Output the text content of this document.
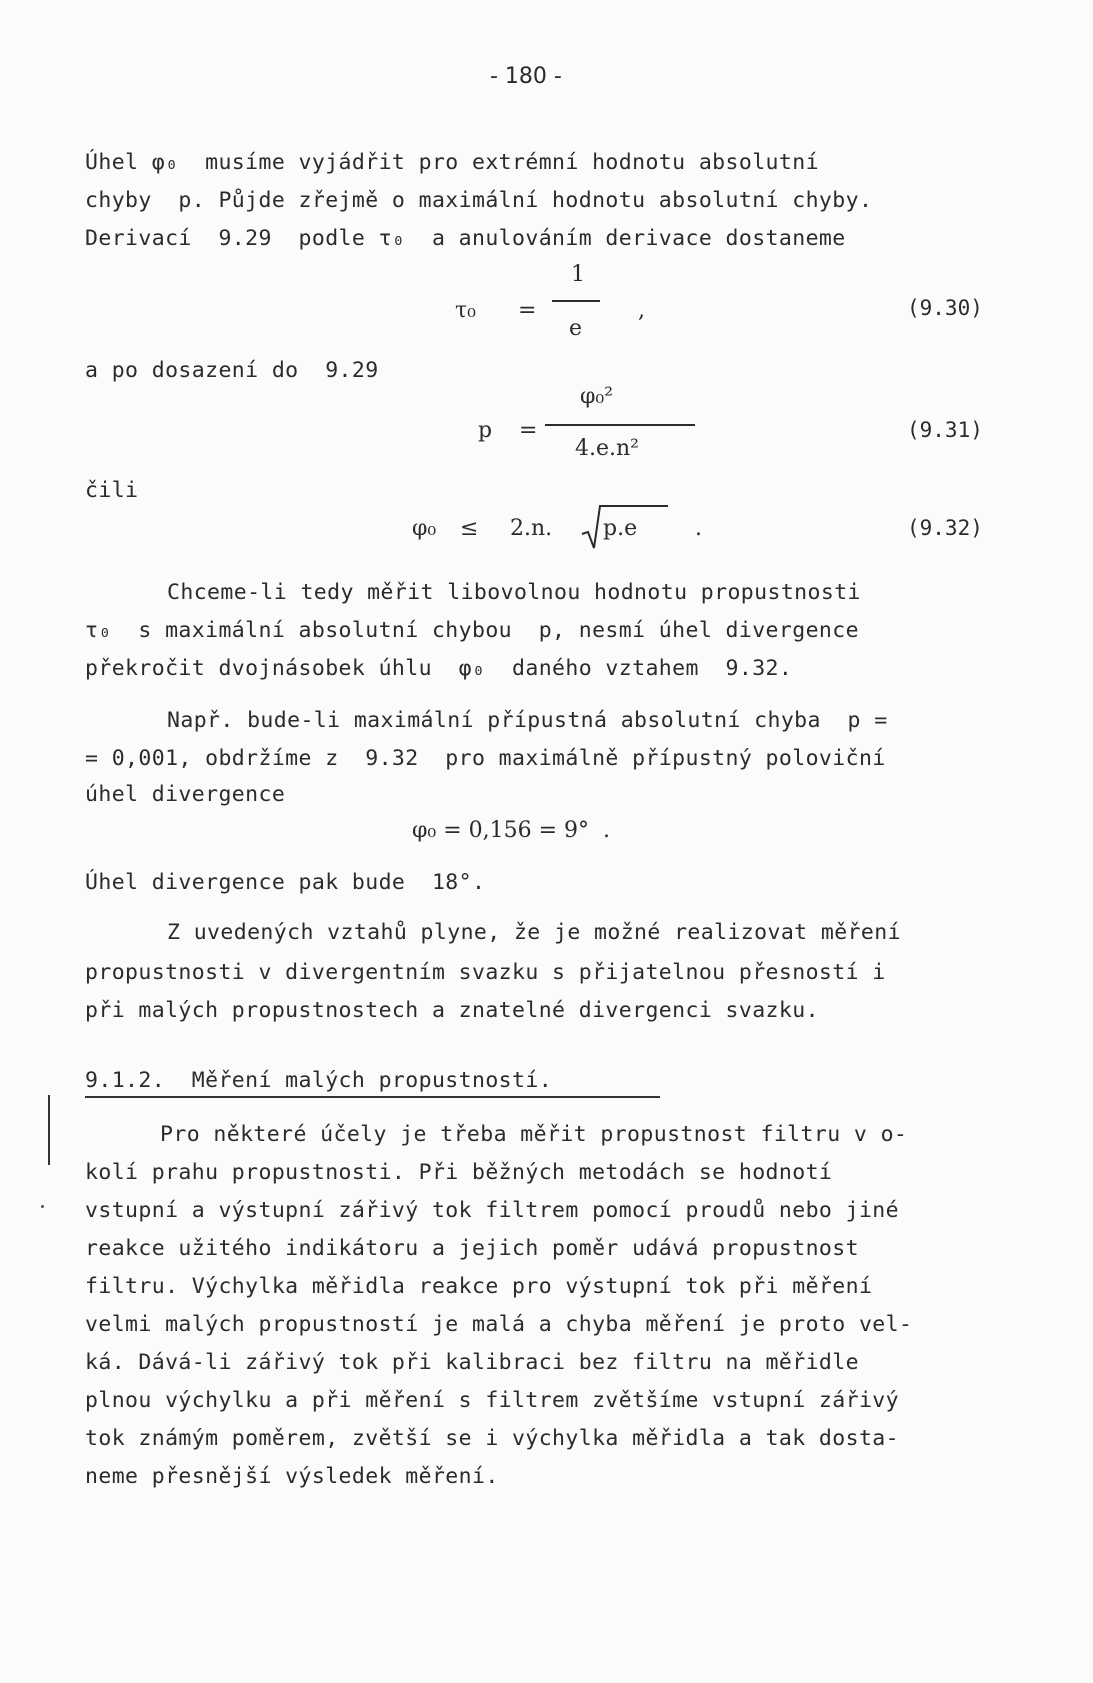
- 180 -
Úhel φ₀  musíme vyjádřit pro extrémní hodnotu absolutní
chyby  p. Půjde zřejmě o maximální hodnotu absolutní chyby.
Derivací  9.29  podle τ₀  a anulováním derivace dostaneme
τ₀ =
1
e
,	(9.30)
a po dosazení do  9.29
p =
φ₀²
4.e.n²
(9.31)
čili
φ₀ ≤ 2.n. p.e	.	(9.32)
Chceme-li tedy měřit libovolnou hodnotu propustnosti
τ₀  s maximální absolutní chybou  p, nesmí úhel divergence
překročit dvojnásobek úhlu  φ₀  daného vztahem  9.32.
Např. bude-li maximální přípustná absolutní chyba  p =
= 0,001, obdržíme z  9.32  pro maximálně přípustný poloviční
úhel divergence
φ₀ = 0,156 = 9°  .
Úhel divergence pak bude  18°.
Z uvedených vztahů plyne, že je možné realizovat měření
propustnosti v divergentním svazku s přijatelnou přesností i
při malých propustnostech a znatelné divergenci svazku.
9.1.2.  Měření malých propustností.
Pro některé účely je třeba měřit propustnost filtru v o-
kolí prahu propustnosti. Při běžných metodách se hodnotí
vstupní a výstupní zářivý tok filtrem pomocí proudů nebo jiné
reakce užitého indikátoru a jejich poměr udává propustnost
filtru. Výchylka měřidla reakce pro výstupní tok při měření
velmi malých propustností je malá a chyba měření je proto vel-
ká. Dává-li zářivý tok při kalibraci bez filtru na měřidle
plnou výchylku a při měření s filtrem zvětšíme vstupní zářivý
tok známým poměrem, zvětší se i výchylka měřidla a tak dosta-
neme přesnější výsledek měření.
